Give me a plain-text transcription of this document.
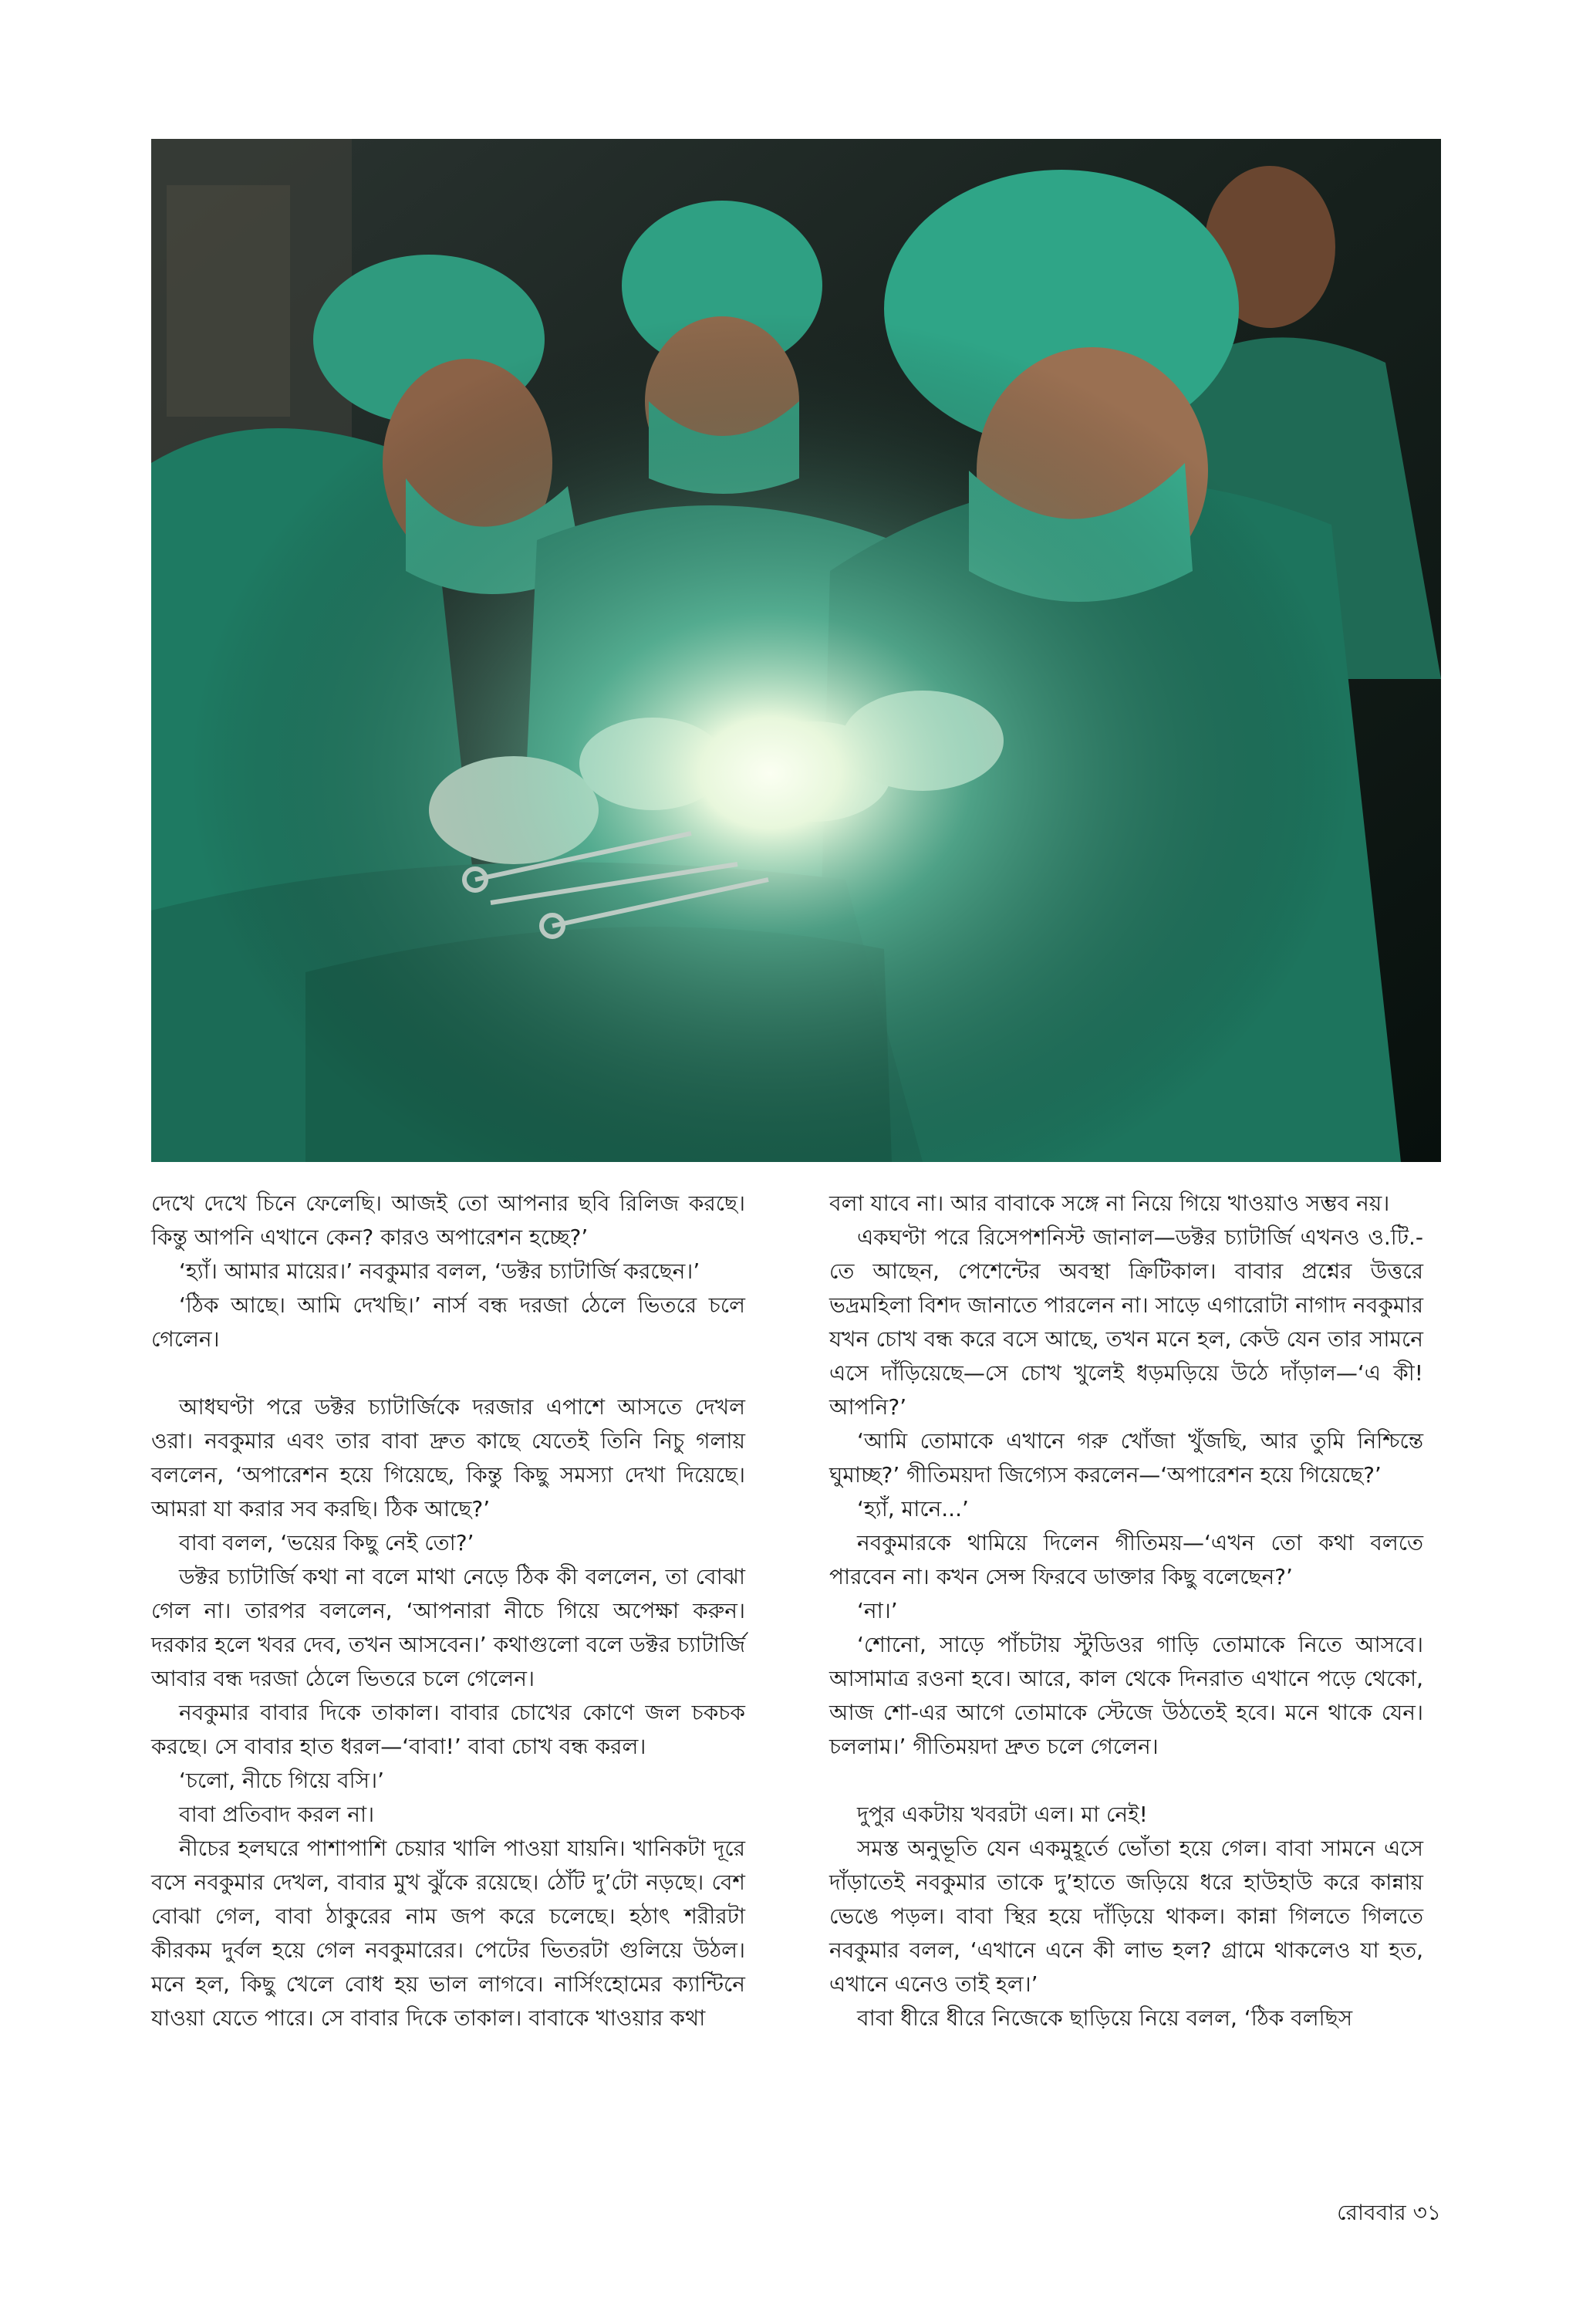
দেখে দেখে চিনে ফেলেছি। আজই তো আপনার ছবি রিলিজ করছে। কিন্তু আপনি এখানে কেন? কারও অপারেশন হচ্ছে?’

‘হ্যাঁ। আমার মায়ের।’ নবকুমার বলল, ‘ডক্টর চ্যাটার্জি করছেন।’

‘ঠিক আছে। আমি দেখছি।’ নার্স বন্ধ দরজা ঠেলে ভিতরে চলে গেলেন।

আধঘণ্টা পরে ডক্টর চ্যাটার্জিকে দরজার এপাশে আসতে দেখল ওরা। নবকুমার এবং তার বাবা দ্রুত কাছে যেতেই তিনি নিচু গলায় বললেন, ‘অপারেশন হয়ে গিয়েছে, কিন্তু কিছু সমস্যা দেখা দিয়েছে। আমরা যা করার সব করছি। ঠিক আছে?’

বাবা বলল, ‘ভয়ের কিছু নেই তো?’

ডক্টর চ্যাটার্জি কথা না বলে মাথা নেড়ে ঠিক কী বললেন, তা বোঝা গেল না। তারপর বললেন, ‘আপনারা নীচে গিয়ে অপেক্ষা করুন। দরকার হলে খবর দেব, তখন আসবেন।’ কথাগুলো বলে ডক্টর চ্যাটার্জি আবার বন্ধ দরজা ঠেলে ভিতরে চলে গেলেন।

নবকুমার বাবার দিকে তাকাল। বাবার চোখের কোণে জল চকচক করছে। সে বাবার হাত ধরল—‘বাবা!’ বাবা চোখ বন্ধ করল।

‘চলো, নীচে গিয়ে বসি।’

বাবা প্রতিবাদ করল না।

নীচের হলঘরে পাশাপাশি চেয়ার খালি পাওয়া যায়নি। খানিকটা দূরে বসে নবকুমার দেখল, বাবার মুখ ঝুঁকে রয়েছে। ঠোঁট দু’টো নড়ছে। বেশ বোঝা গেল, বাবা ঠাকুরের নাম জপ করে চলেছে। হঠাৎ শরীরটা কীরকম দুর্বল হয়ে গেল নবকুমারের। পেটের ভিতরটা গুলিয়ে উঠল। মনে হল, কিছু খেলে বোধ হয় ভাল লাগবে। নার্সিংহোমের ক্যান্টিনে যাওয়া যেতে পারে। সে বাবার দিকে তাকাল। বাবাকে খাওয়ার কথা

বলা যাবে না। আর বাবাকে সঙ্গে না নিয়ে গিয়ে খাওয়াও সম্ভব নয়।

একঘণ্টা পরে রিসেপশনিস্ট জানাল—ডক্টর চ্যাটার্জি এখনও ও.টি.-তে আছেন, পেশেন্টের অবস্থা ক্রিটিকাল। বাবার প্রশ্নের উত্তরে ভদ্রমহিলা বিশদ জানাতে পারলেন না। সাড়ে এগারোটা নাগাদ নবকুমার যখন চোখ বন্ধ করে বসে আছে, তখন মনে হল, কেউ যেন তার সামনে এসে দাঁড়িয়েছে—সে চোখ খুলেই ধড়মড়িয়ে উঠে দাঁড়াল—‘এ কী! আপনি?’

‘আমি তোমাকে এখানে গরু খোঁজা খুঁজছি, আর তুমি নিশ্চিন্তে ঘুমাচ্ছ?’ গীতিময়দা জিগ্যেস করলেন—‘অপারেশন হয়ে গিয়েছে?’

‘হ্যাঁ, মানে...’

নবকুমারকে থামিয়ে দিলেন গীতিময়—‘এখন তো কথা বলতে পারবেন না। কখন সেন্স ফিরবে ডাক্তার কিছু বলেছেন?’

‘না।’

‘শোনো, সাড়ে পাঁচটায় স্টুডিওর গাড়ি তোমাকে নিতে আসবে। আসামাত্র রওনা হবে। আরে, কাল থেকে দিনরাত এখানে পড়ে থেকো, আজ শো-এর আগে তোমাকে স্টেজে উঠতেই হবে। মনে থাকে যেন। চললাম।’ গীতিময়দা দ্রুত চলে গেলেন।

দুপুর একটায় খবরটা এল। মা নেই!

সমস্ত অনুভূতি যেন একমুহূর্তে ভোঁতা হয়ে গেল। বাবা সামনে এসে দাঁড়াতেই নবকুমার তাকে দু’হাতে জড়িয়ে ধরে হাউহাউ করে কান্নায় ভেঙে পড়ল। বাবা স্থির হয়ে দাঁড়িয়ে থাকল। কান্না গিলতে গিলতে নবকুমার বলল, ‘এখানে এনে কী লাভ হল? গ্রামে থাকলেও যা হত, এখানে এনেও তাই হল।’

বাবা ধীরে ধীরে নিজেকে ছাড়িয়ে নিয়ে বলল, ‘ঠিক বলছিস

রোববার ৩১
